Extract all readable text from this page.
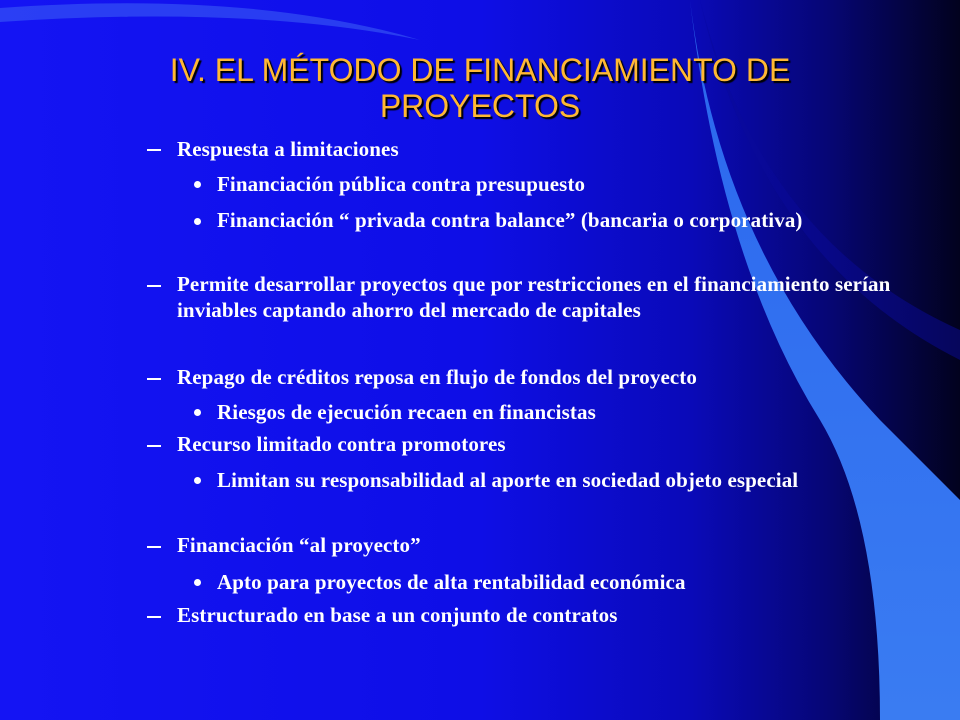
IV. EL MÉTODO DE FINANCIAMIENTO DE
PROYECTOS
Respuesta a limitaciones
Financiación pública contra presupuesto
Financiación “ privada contra balance” (bancaria o corporativa)
Permite desarrollar proyectos que por restricciones en el financiamiento serían inviables captando ahorro del mercado de capitales
Repago de créditos reposa en flujo de fondos del proyecto
Riesgos de ejecución recaen en financistas
Recurso limitado contra promotores
Limitan su responsabilidad al aporte en sociedad objeto especial
Financiación “al proyecto”
Apto para proyectos de alta rentabilidad económica
Estructurado en base a un conjunto de contratos
